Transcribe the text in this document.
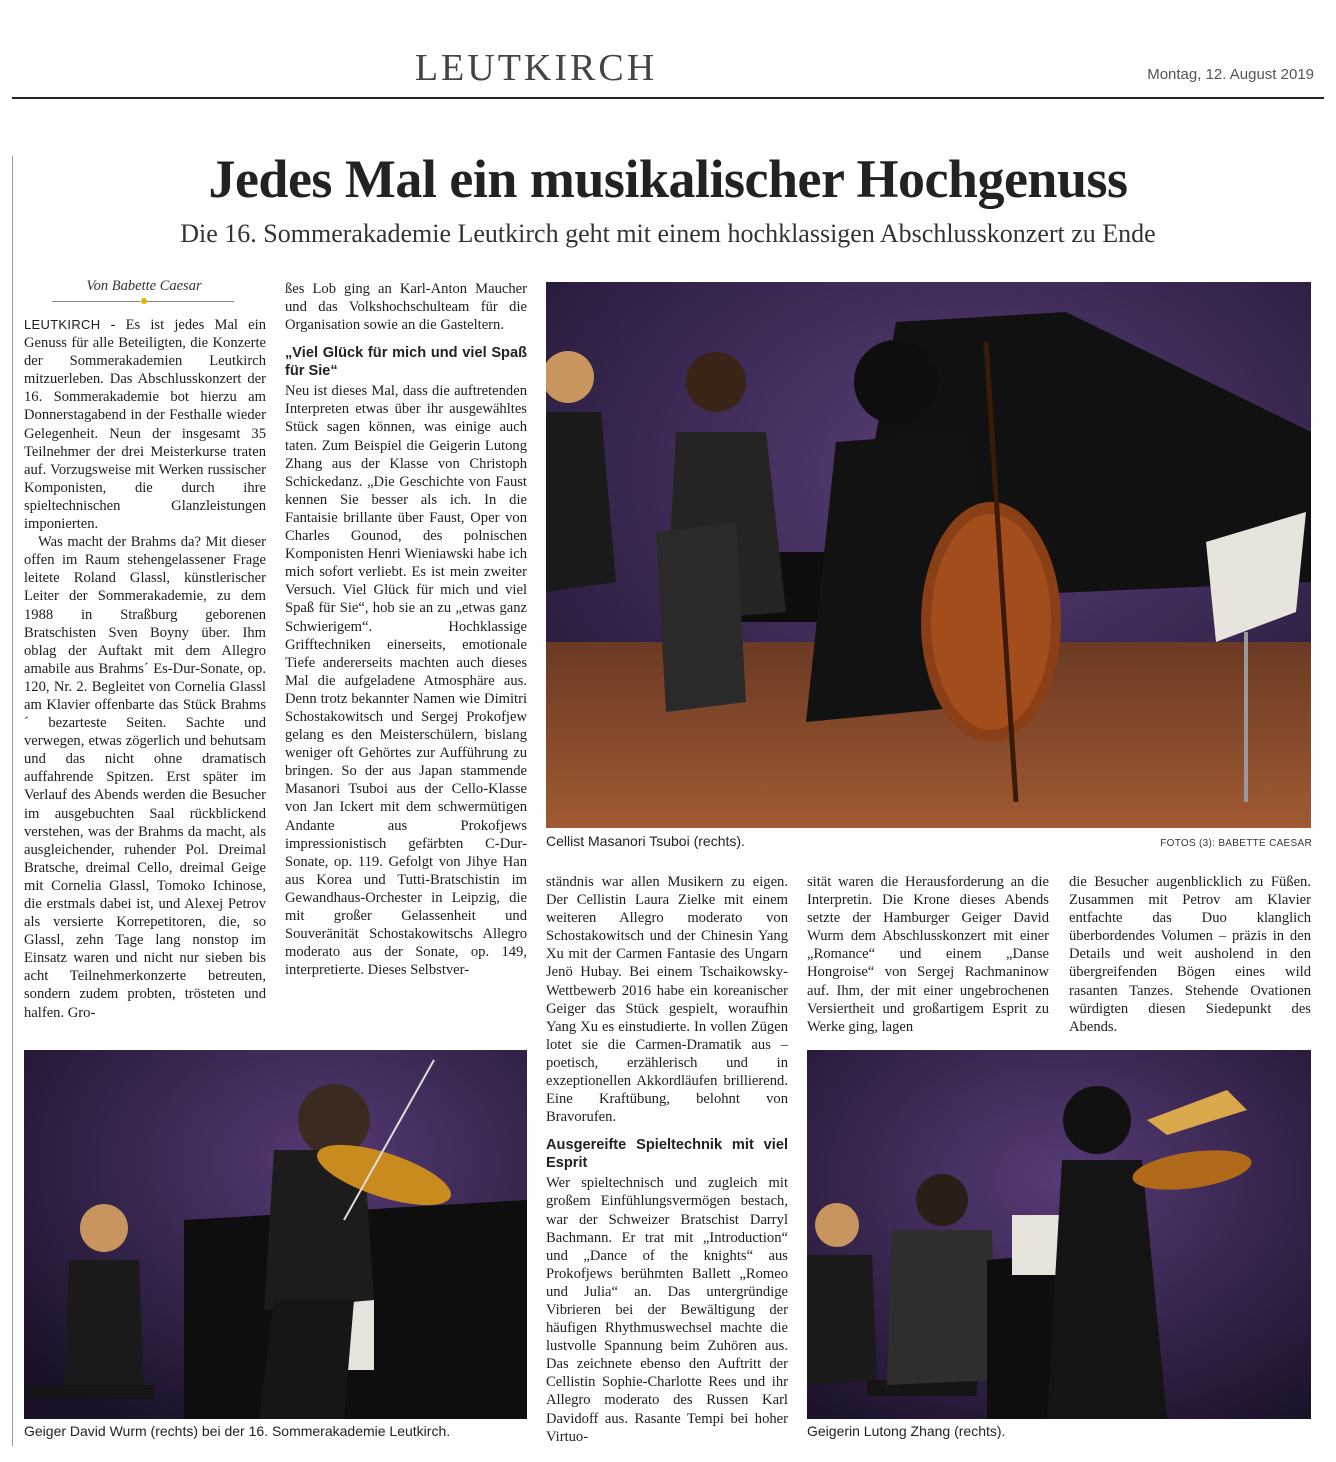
LEUTKIRCH	Montag, 12. August 2019
Jedes Mal ein musikalischer Hochgenuss
Die 16. Sommerakademie Leutkirch geht mit einem hochklassigen Abschlusskonzert zu Ende
Von Babette Caesar

LEUTKIRCH - Es ist jedes Mal ein Genuss für alle Beteiligten, die Konzerte der Sommerakademien Leutkirch mitzuerleben. Das Abschlusskonzert der 16. Sommerakademie bot hierzu am Donnerstagabend in der Festhalle wieder Gelegenheit. Neun der insgesamt 35 Teilnehmer der drei Meisterkurse traten auf. Vorzugsweise mit Werken russischer Komponisten, die durch ihre spieltechnischen Glanzleistungen imponierten.

Was macht der Brahms da? Mit dieser offen im Raum stehengelassener Frage leitete Roland Glassl, künstlerischer Leiter der Sommerakademie, zu dem 1988 in Straßburg geborenen Bratschisten Sven Boyny über. Ihm oblag der Auftakt mit dem Allegro amabile aus Brahms´ Es-Dur-Sonate, op. 120, Nr. 2. Begleitet von Cornelia Glassl am Klavier offenbarte das Stück Brahms´ bezarteste Seiten. Sachte und verwegen, etwas zögerlich und behutsam und das nicht ohne dramatisch auffahrende Spitzen. Erst später im Verlauf des Abends werden die Besucher im ausgebuchten Saal rückblickend verstehen, was der Brahms da macht, als ausgleichender, ruhender Pol. Dreimal Bratsche, dreimal Cello, dreimal Geige mit Cornelia Glassl, Tomoko Ichinose, die erstmals dabei ist, und Alexej Petrov als versierte Korrepetitoren, die, so Glassl, zehn Tage lang nonstop im Einsatz waren und nicht nur sieben bis acht Teilnehmerkonzerte betreuten, sondern zudem probten, trösteten und halfen. Gro-

ßes Lob ging an Karl-Anton Maucher und das Volkshochschulteam für die Organisation sowie an die Gasteltern.

„Viel Glück für mich und viel Spaß für Sie“

Neu ist dieses Mal, dass die auftretenden Interpreten etwas über ihr ausgewähltes Stück sagen können, was einige auch taten. Zum Beispiel die Geigerin Lutong Zhang aus der Klasse von Christoph Schickedanz. „Die Geschichte von Faust kennen Sie besser als ich. In die Fantaisie brillante über Faust, Oper von Charles Gounod, des polnischen Komponisten Henri Wieniawski habe ich mich sofort verliebt. Es ist mein zweiter Versuch. Viel Glück für mich und viel Spaß für Sie“, hob sie an zu „etwas ganz Schwierigem“. Hochklassige Grifftechniken einerseits, emotionale Tiefe andererseits machten auch dieses Mal die aufgeladene Atmosphäre aus. Denn trotz bekannter Namen wie Dimitri Schostakowitsch und Sergej Prokofjew gelang es den Meisterschülern, bislang weniger oft Gehörtes zur Aufführung zu bringen. So der aus Japan stammende Masanori Tsuboi aus der Cello-Klasse von Jan Ickert mit dem schwermütigen Andante aus Prokofjews impressionistisch gefärbten C-Dur-Sonate, op. 119. Gefolgt von Jihye Han aus Korea und Tutti-Bratschistin im Gewandhaus-Orchester in Leipzig, die mit großer Gelassenheit und Souveränität Schostakowitschs Allegro moderato aus der Sonate, op. 149, interpretierte. Dieses Selbstver-

Cellist Masanori Tsuboi (rechts).	FOTOS (3): BABETTE CAESAR

ständnis war allen Musikern zu eigen. Der Cellistin Laura Zielke mit einem weiteren Allegro moderato von Schostakowitsch und der Chinesin Yang Xu mit der Carmen Fantasie des Ungarn Jenö Hubay. Bei einem Tschaikowsky-Wettbewerb 2016 habe ein koreanischer Geiger das Stück gespielt, woraufhin Yang Xu es einstudierte. In vollen Zügen lotet sie die Carmen-Dramatik aus – poetisch, erzählerisch und in exzeptionellen Akkordläufen brillierend. Eine Kraftübung, belohnt von Bravorufen.

Ausgereifte Spieltechnik mit viel Esprit

Wer spieltechnisch und zugleich mit großem Einfühlungsvermögen bestach, war der Schweizer Bratschist Darryl Bachmann. Er trat mit „Introduction“ und „Dance of the knights“ aus Prokofjews berühmten Ballett „Romeo und Julia“ an. Das untergründige Vibrieren bei der Bewältigung der häufigen Rhythmuswechsel machte die lustvolle Spannung beim Zuhören aus. Das zeichnete ebenso den Auftritt der Cellistin Sophie-Charlotte Rees und ihr Allegro moderato des Russen Karl Davidoff aus. Rasante Tempi bei hoher Virtuo-

sität waren die Herausforderung an die Interpretin. Die Krone dieses Abends setzte der Hamburger Geiger David Wurm dem Abschlusskonzert mit einer „Romance“ und einem „Danse Hongroise“ von Sergej Rachmaninow auf. Ihm, der mit einer ungebrochenen Versiertheit und großartigem Esprit zu Werke ging, lagen

die Besucher augenblicklich zu Füßen. Zusammen mit Petrov am Klavier entfachte das Duo klanglich überbordendes Volumen – präzis in den Details und weit ausholend in den übergreifenden Bögen eines wild rasanten Tanzes. Stehende Ovationen würdigten diesen Siedepunkt des Abends.

Geiger David Wurm (rechts) bei der 16. Sommerakademie Leutkirch.	Geigerin Lutong Zhang (rechts).
